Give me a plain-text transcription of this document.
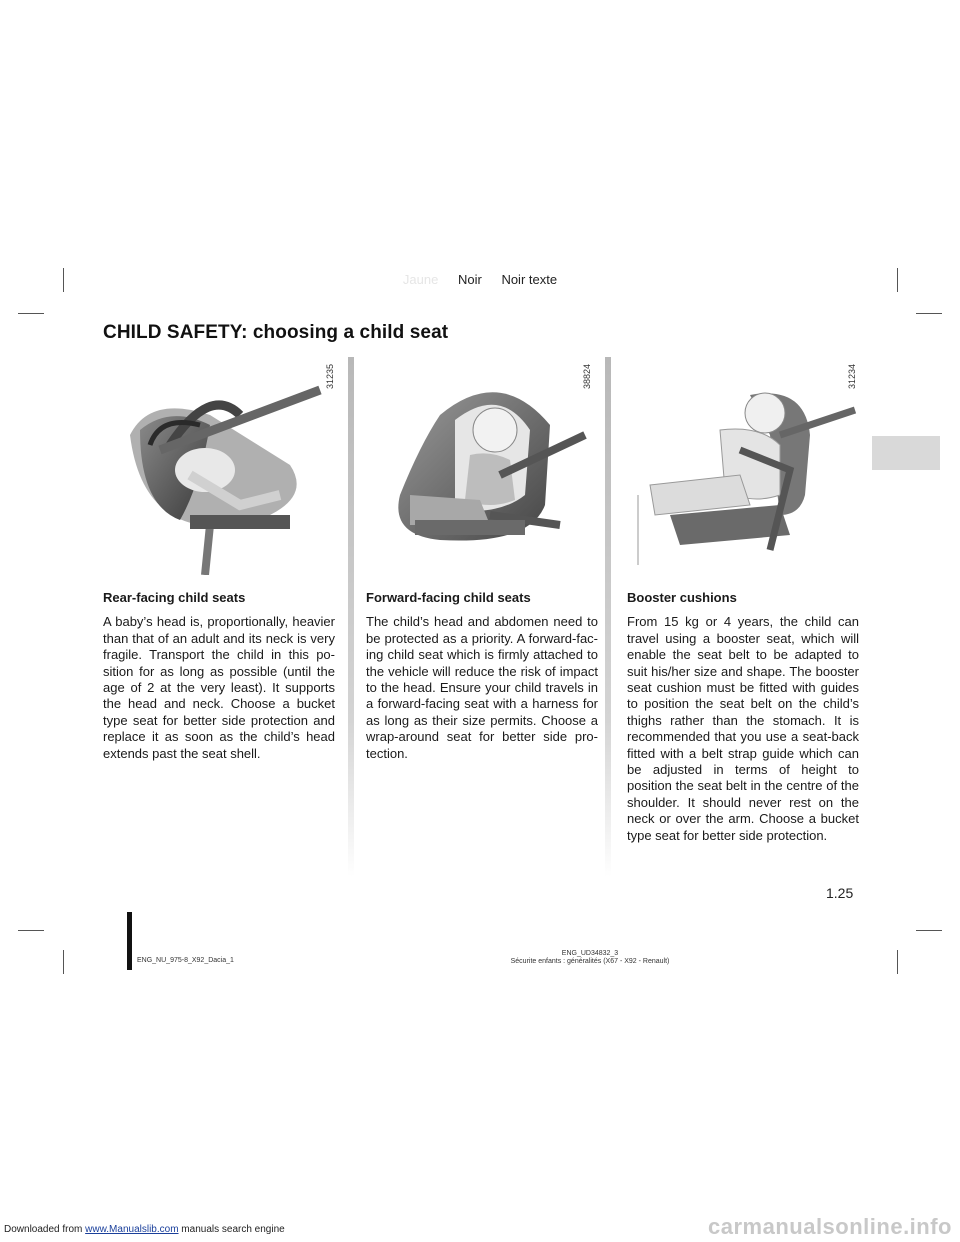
Jaune Noir Noir texte
CHILD SAFETY: choosing a child seat
31235	38824	31234
Rear-facing child seats

A baby’s head is, proportionally, heavier than that of an adult and its neck is very fragile. Transport the child in this po-sition for as long as possible (until the age of 2 at the very least). It supports the head and neck. Choose a bucket type seat for better side protection and replace it as soon as the child’s head extends past the seat shell.

Forward-facing child seats

The child’s head and abdomen need to be protected as a priority. A forward-fac-ing child seat which is firmly attached to the vehicle will reduce the risk of impact to the head. Ensure your child travels in a forward-facing seat with a harness for as long as their size permits. Choose a wrap-around seat for better side pro-tection.

Booster cushions

From 15 kg or 4 years, the child can travel using a booster seat, which will enable the seat belt to be adapted to suit his/her size and shape. The booster seat cushion must be fitted with guides to position the seat belt on the child’s thighs rather than the stomach. It is recommended that you use a seat-back fitted with a belt strap guide which can be adjusted in terms of height to position the seat belt in the centre of the shoulder. It should never rest on the neck or over the arm. Choose a bucket type seat for better side protection.

1.25
ENG_NU_975-8_X92_Dacia_1
ENG_UD34832_3
Sécurite enfants : généralités (X67 - X92 - Renault)
Downloaded from www.Manualslib.com manuals search engine	carmanualsonline.info
